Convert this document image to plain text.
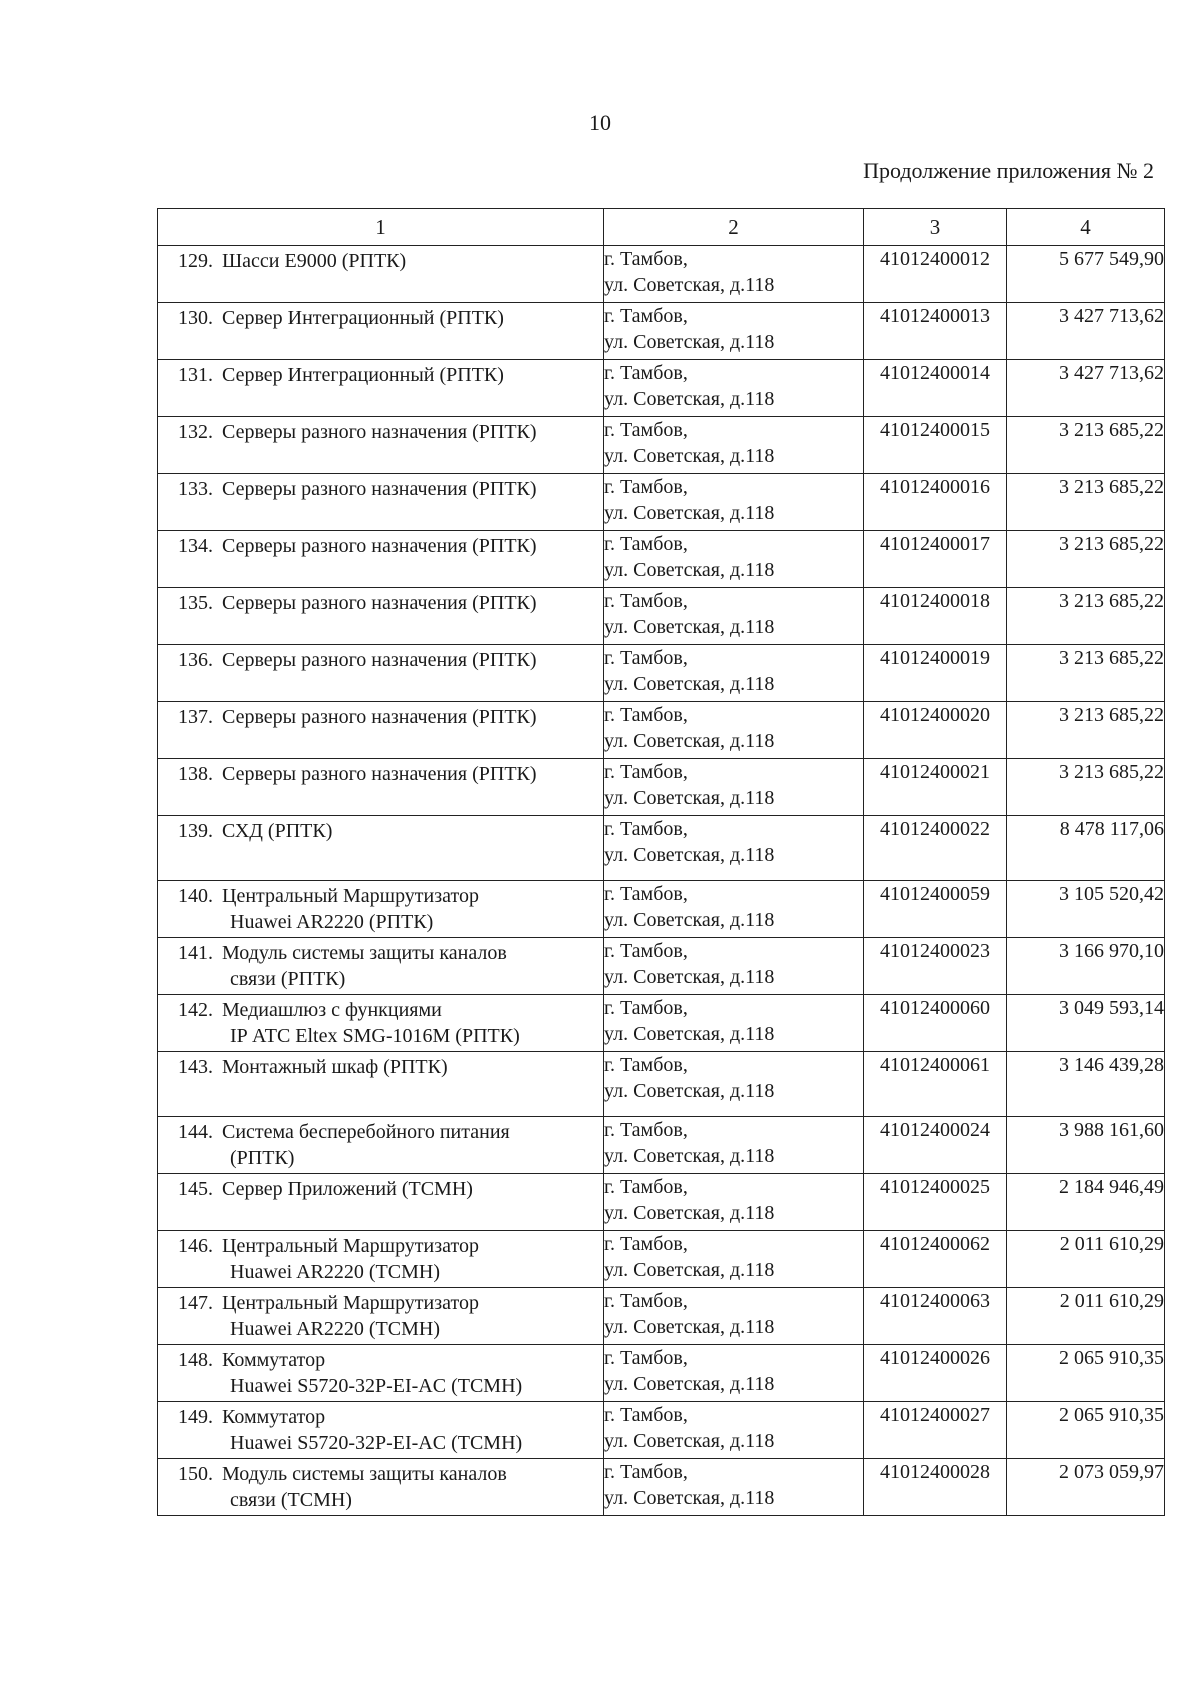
10
Продолжение приложения № 2
1	2	3	4

129. Шасси E9000 (РПТК)	г. Тамбов,
ул. Советская, д.118	41012400012	5 677 549,90

130. Сервер Интеграционный (РПТК)	г. Тамбов,
ул. Советская, д.118	41012400013	3 427 713,62

131. Сервер Интеграционный (РПТК)	г. Тамбов,
ул. Советская, д.118	41012400014	3 427 713,62

132. Серверы разного назначения (РПТК)	г. Тамбов,
ул. Советская, д.118	41012400015	3 213 685,22

133. Серверы разного назначения (РПТК)	г. Тамбов,
ул. Советская, д.118	41012400016	3 213 685,22

134. Серверы разного назначения (РПТК)	г. Тамбов,
ул. Советская, д.118	41012400017	3 213 685,22

135. Серверы разного назначения (РПТК)	г. Тамбов,
ул. Советская, д.118	41012400018	3 213 685,22

136. Серверы разного назначения (РПТК)	г. Тамбов,
ул. Советская, д.118	41012400019	3 213 685,22

137. Серверы разного назначения (РПТК)	г. Тамбов,
ул. Советская, д.118	41012400020	3 213 685,22

138. Серверы разного назначения (РПТК)	г. Тамбов,
ул. Советская, д.118	41012400021	3 213 685,22

139. СХД (РПТК)	г. Тамбов,
ул. Советская, д.118	41012400022	8 478 117,06

140. Центральный Маршрутизатор
Huawei AR2220 (РПТК)	г. Тамбов,
ул. Советская, д.118	41012400059	3 105 520,42

141. Модуль системы защиты каналов
связи (РПТК)	г. Тамбов,
ул. Советская, д.118	41012400023	3 166 970,10

142. Медиашлюз с функциями
IP АТС Eltex SMG-1016M (РПТК)	г. Тамбов,
ул. Советская, д.118	41012400060	3 049 593,14

143. Монтажный шкаф (РПТК)	г. Тамбов,
ул. Советская, д.118	41012400061	3 146 439,28

144. Система бесперебойного питания
(РПТК)	г. Тамбов,
ул. Советская, д.118	41012400024	3 988 161,60

145. Сервер Приложений (ТСМН)	г. Тамбов,
ул. Советская, д.118	41012400025	2 184 946,49

146. Центральный Маршрутизатор
Huawei AR2220 (ТСМН)	г. Тамбов,
ул. Советская, д.118	41012400062	2 011 610,29

147. Центральный Маршрутизатор
Huawei AR2220 (ТСМН)	г. Тамбов,
ул. Советская, д.118	41012400063	2 011 610,29

148. Коммутатор
Huawei S5720-32P-EI-AC (ТСМН)	г. Тамбов,
ул. Советская, д.118	41012400026	2 065 910,35

149. Коммутатор
Huawei S5720-32P-EI-AC (ТСМН)	г. Тамбов,
ул. Советская, д.118	41012400027	2 065 910,35

150. Модуль системы защиты каналов
связи (ТСМН)	г. Тамбов,
ул. Советская, д.118	41012400028	2 073 059,97
